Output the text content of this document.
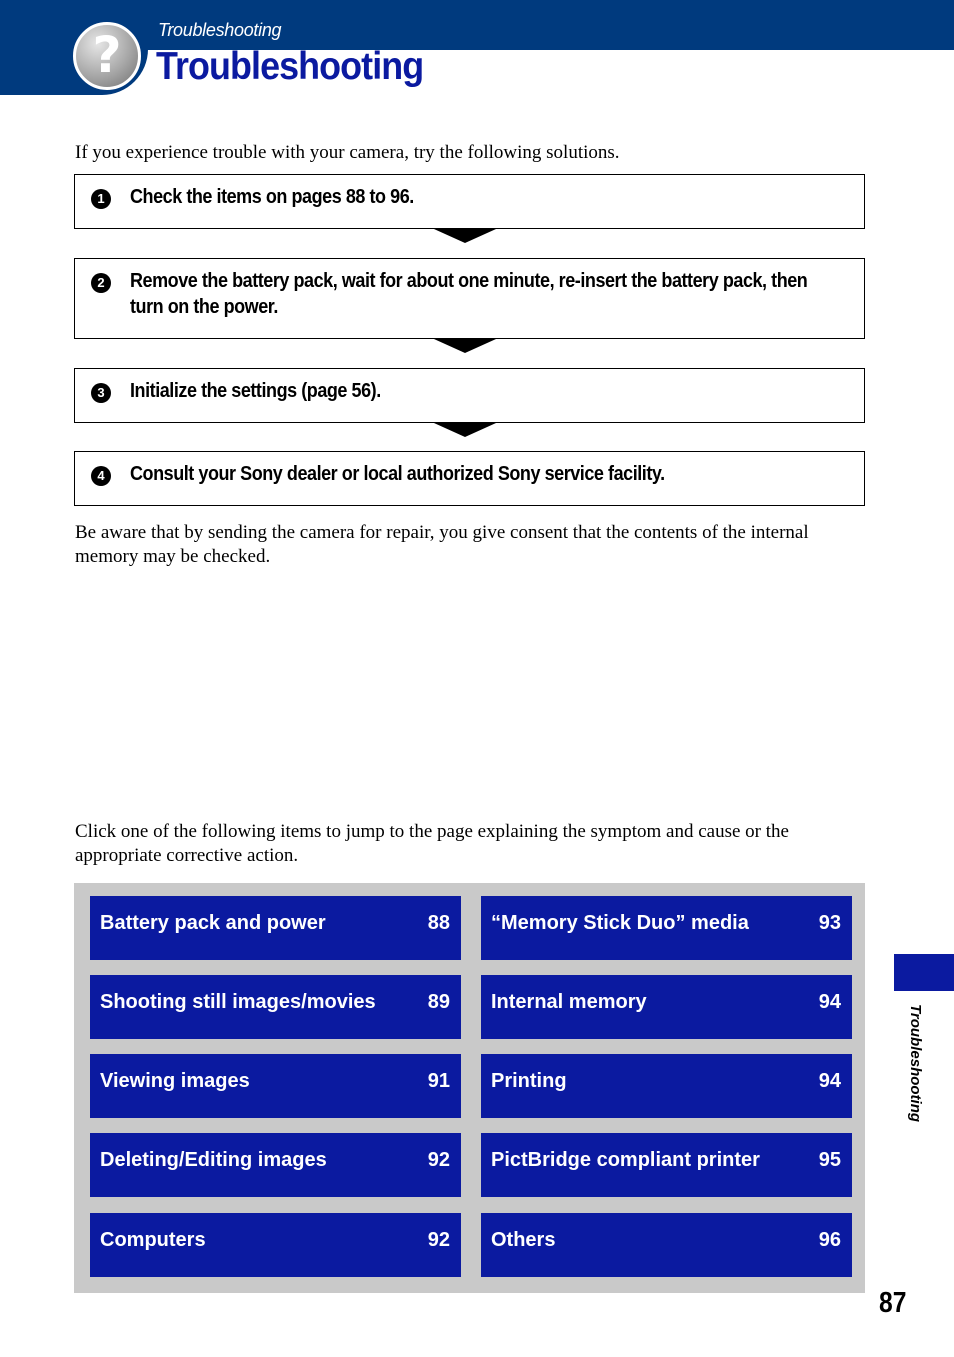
? Troubleshooting
Troubleshooting
If you experience trouble with your camera, try the following solutions.
1	Check the items on pages 88 to 96.
2	Remove the battery pack, wait for about one minute, re-insert the battery pack, then turn on the power.
3	Initialize the settings (page 56).
4	Consult your Sony dealer or local authorized Sony service facility.
Be aware that by sending the camera for repair, you give consent that the contents of the internal memory may be checked.
Click one of the following items to jump to the page explaining the symptom and cause or the appropriate corrective action.
Battery pack and power	88 “Memory Stick Duo” media	93
Shooting still images/movies	89 Internal memory	94
Viewing images	91 Printing	94
Deleting/Editing images	92 PictBridge compliant printer	95
Computers	92 Others	96
Troubleshooting
87
